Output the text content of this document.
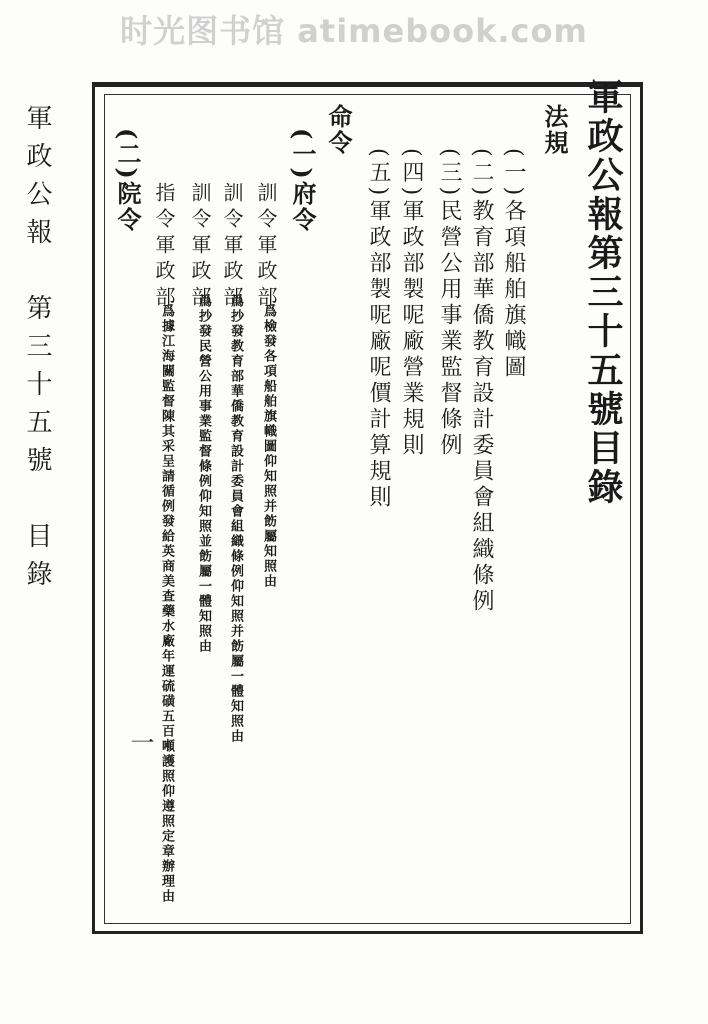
时光图书馆 atimebook.com
軍政公報第三十五號目錄
法規
(一)各項船舶旗幟圖
(二)教育部華僑教育設計委員會組織條例
(三)民營公用事業監督條例
(四)軍政部製呢廠營業規則
(五)軍政部製呢廠呢價計算規則
命令
(一)府令
訓令軍政部
爲檢發各項船舶旗幟圖仰知照并飭屬知照由
訓令軍政部
爲抄發教育部華僑教育設計委員會組織條例仰知照并飭屬一體知照由
訓令軍政部
爲抄發民營公用事業監督條例仰知照並飭屬一體知照由
指令軍政部
爲據江海關監督陳其采呈請循例發給英商美查藥水廠年運硫磺五百噸護照仰遵照定章辦理由
(二)院令
一
軍政公報　第三十五號　目錄
